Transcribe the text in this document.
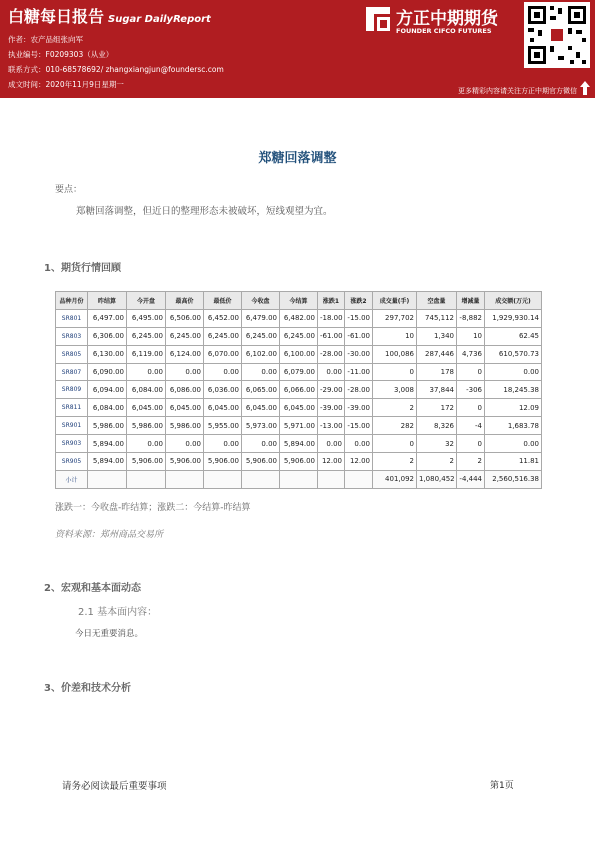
白糖每日报告 Sugar DailyReport
作者：农产品组张向军
执业编号：F0209303（从业）
联系方式：010-68578692/ zhangxiangjun@foundersc.com
成文时间：2020年11月9日星期一
方正中期期货
FOUNDER CIFCO FUTURES
更多精彩内容请关注方正中期官方微信
郑糖回落调整
要点：
郑糖回落调整，但近日的整理形态未被破坏，短线观望为宜。
1、期货行情回顾
品种月份	昨结算	今开盘	最高价	最低价	今收盘	今结算	涨跌1	涨跌2	成交量(手)	空盘量	增减量	成交额(万元)
SR801	6,497.00	6,495.00	6,506.00	6,452.00	6,479.00	6,482.00	-18.00	-15.00	297,702	745,112	-8,882	1,929,930.14
SR803	6,306.00	6,245.00	6,245.00	6,245.00	6,245.00	6,245.00	-61.00	-61.00	10	1,340	10	62.45
SR805	6,130.00	6,119.00	6,124.00	6,070.00	6,102.00	6,100.00	-28.00	-30.00	100,086	287,446	4,736	610,570.73
SR807	6,090.00	0.00	0.00	0.00	0.00	6,079.00	0.00	-11.00	0	178	0	0.00
SR809	6,094.00	6,084.00	6,086.00	6,036.00	6,065.00	6,066.00	-29.00	-28.00	3,008	37,844	-306	18,245.38
SR811	6,084.00	6,045.00	6,045.00	6,045.00	6,045.00	6,045.00	-39.00	-39.00	2	172	0	12.09
SR901	5,986.00	5,986.00	5,986.00	5,955.00	5,973.00	5,971.00	-13.00	-15.00	282	8,326	-4	1,683.78
SR903	5,894.00	0.00	0.00	0.00	0.00	5,894.00	0.00	0.00	0	32	0	0.00
SR905	5,894.00	5,906.00	5,906.00	5,906.00	5,906.00	5,906.00	12.00	12.00	2	2	2	11.81
小计									401,092	1,080,452	-4,444	2,560,516.38
涨跌一：今收盘-昨结算；涨跌二：今结算-昨结算
资料来源：郑州商品交易所
2、宏观和基本面动态
2.1 基本面内容：
今日无重要消息。
3、价差和技术分析
请务必阅读最后重要事项	第1页
